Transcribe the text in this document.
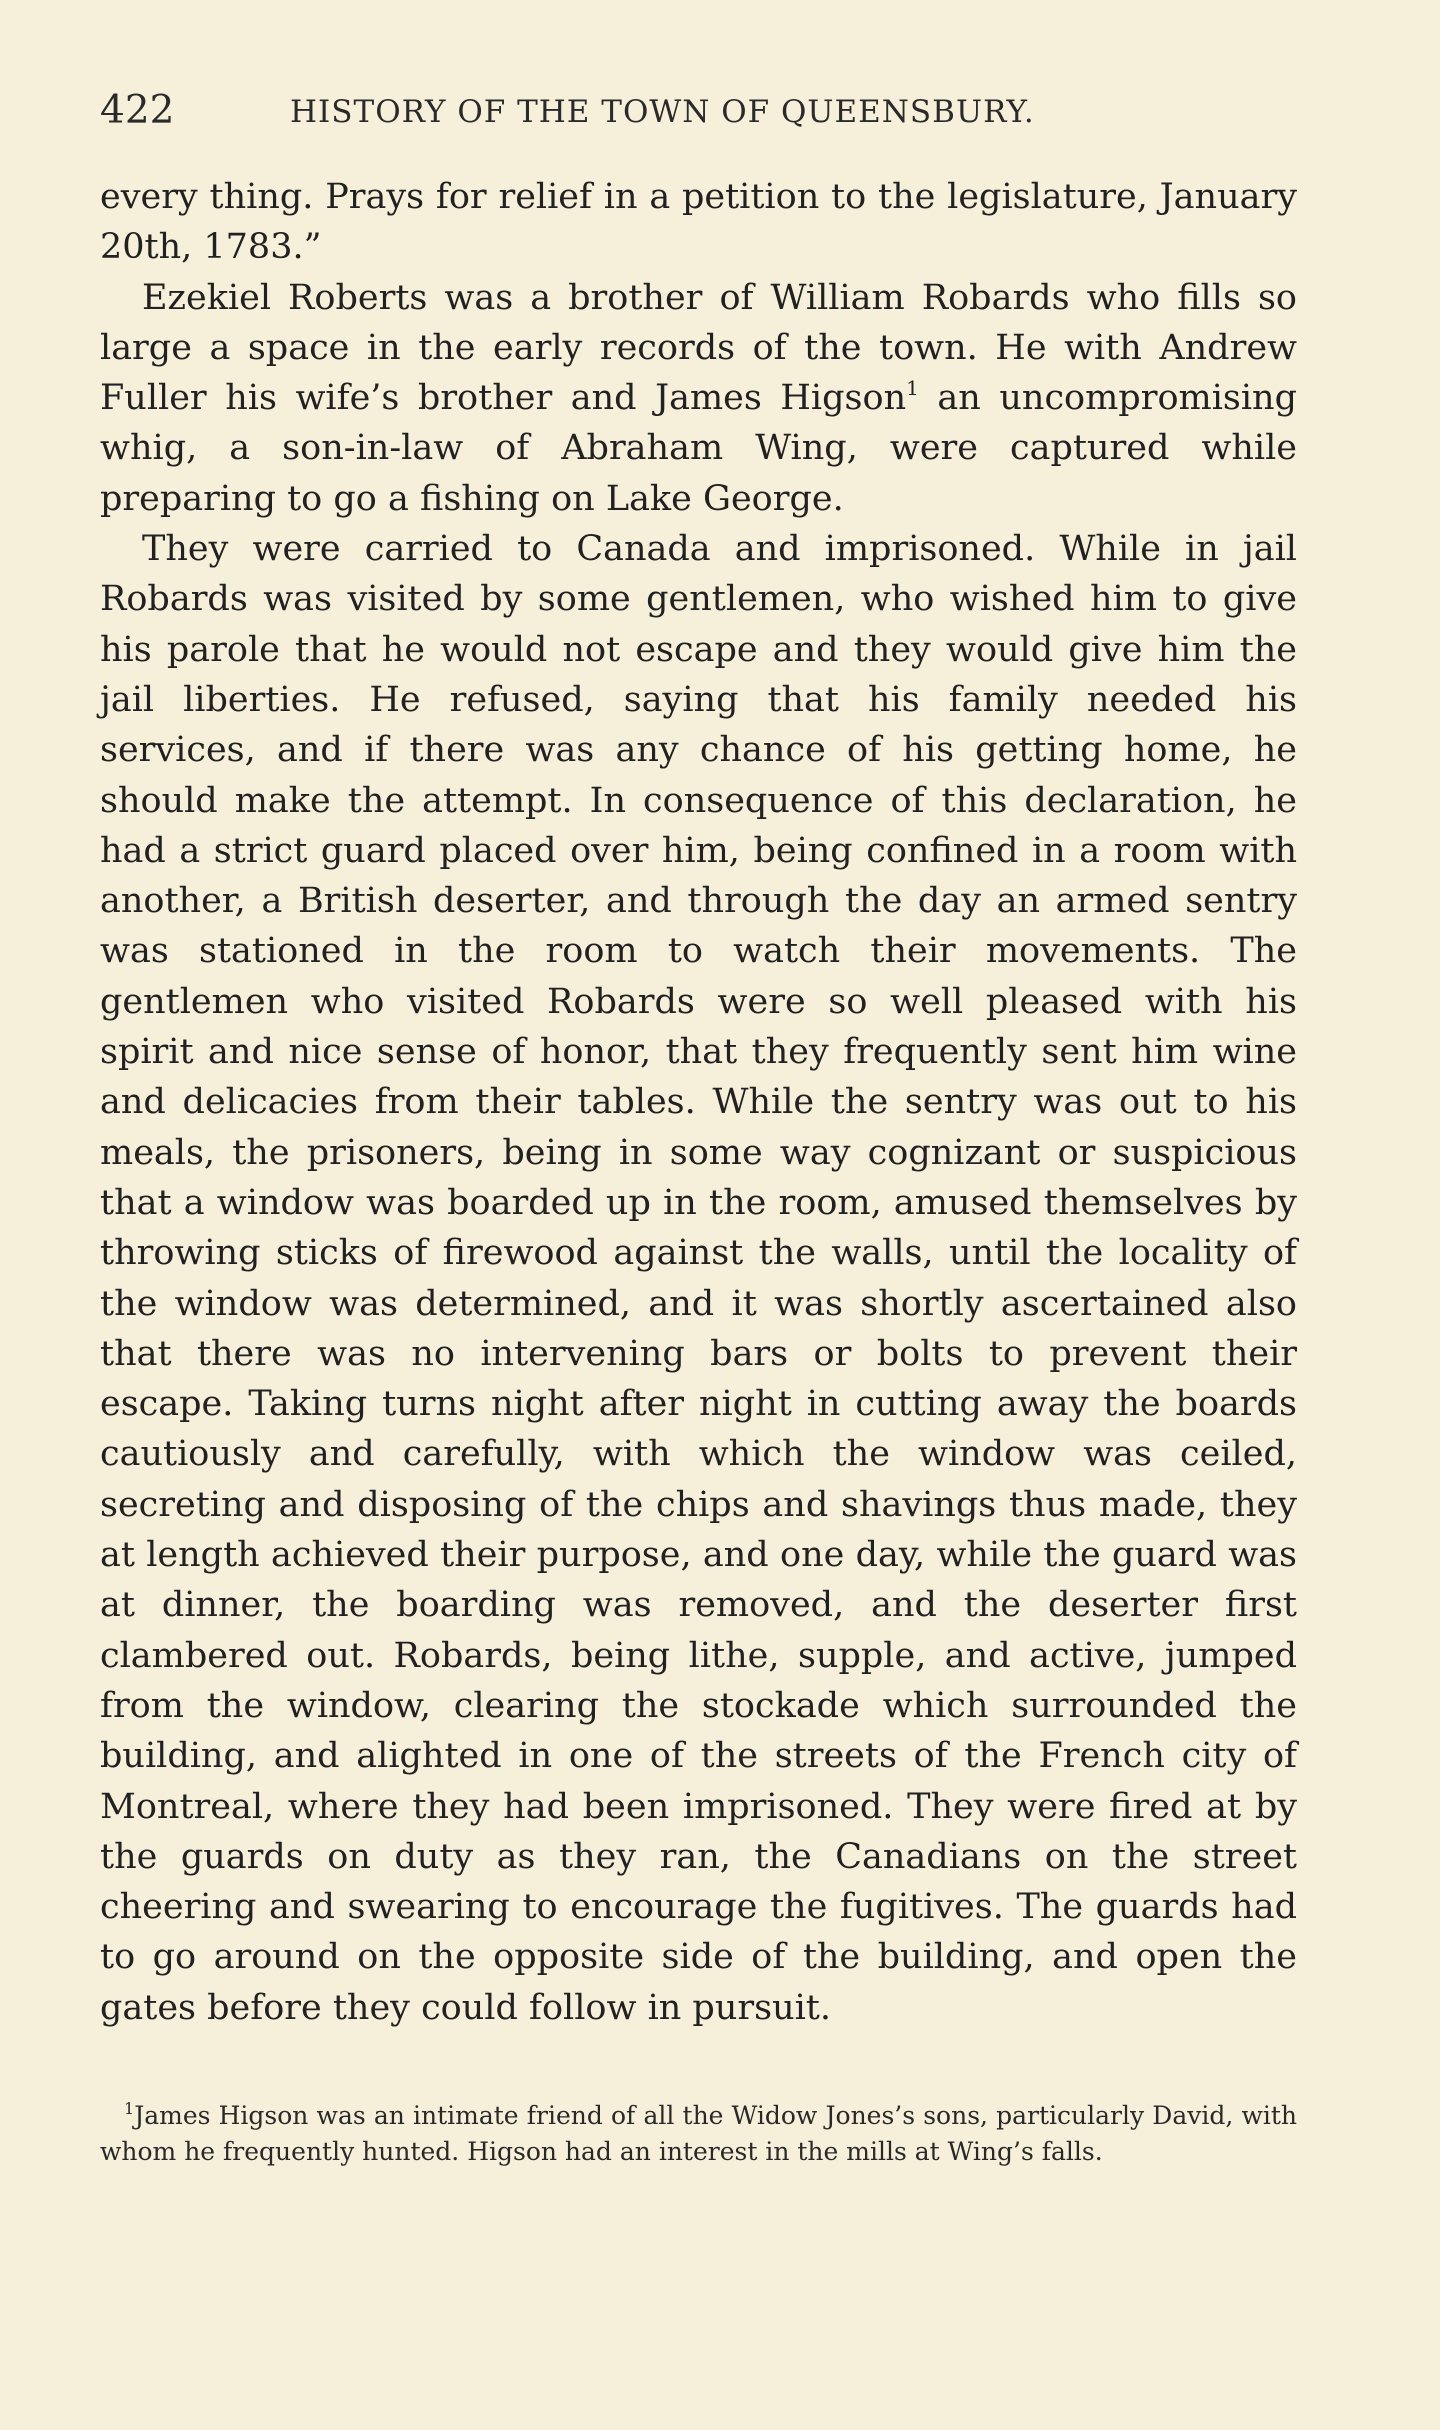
422	HISTORY OF THE TOWN OF QUEENSBURY.

every thing. Prays for relief in a petition to the legislature, January 20th, 1783.”

Ezekiel Roberts was a brother of William Robards who fills so large a space in the early records of the town. He with Andrew Fuller his wife’s brother and James Higson$^1$ an uncompromising whig, a son-in-law of Abraham Wing, were captured while preparing to go a fishing on Lake George.

They were carried to Canada and imprisoned. While in jail Robards was visited by some gentlemen, who wished him to give his parole that he would not escape and they would give him the jail liberties. He refused, saying that his family needed his services, and if there was any chance of his getting home, he should make the attempt. In consequence of this declaration, he had a strict guard placed over him, being confined in a room with another, a British deserter, and through the day an armed sentry was stationed in the room to watch their movements. The gentlemen who visited Robards were so well pleased with his spirit and nice sense of honor, that they frequently sent him wine and delicacies from their tables. While the sentry was out to his meals, the prisoners, being in some way cognizant or suspicious that a window was boarded up in the room, amused themselves by throwing sticks of firewood against the walls, until the locality of the window was determined, and it was shortly ascertained also that there was no intervening bars or bolts to prevent their escape. Taking turns night after night in cutting away the boards cautiously and carefully, with which the window was ceiled, secreting and disposing of the chips and shavings thus made, they at length achieved their purpose, and one day, while the guard was at dinner, the boarding was removed, and the deserter first clambered out. Robards, being lithe, supple, and active, jumped from the window, clearing the stockade which surrounded the building, and alighted in one of the streets of the French city of Montreal, where they had been imprisoned. They were fired at by the guards on duty as they ran, the Canadians on the street cheering and swearing to encourage the fugitives. The guards had to go around on the opposite side of the building, and open the gates before they could follow in pursuit.

$^1$James Higson was an intimate friend of all the Widow Jones’s sons, particularly David, with whom he frequently hunted. Higson had an interest in the mills at Wing’s falls.
